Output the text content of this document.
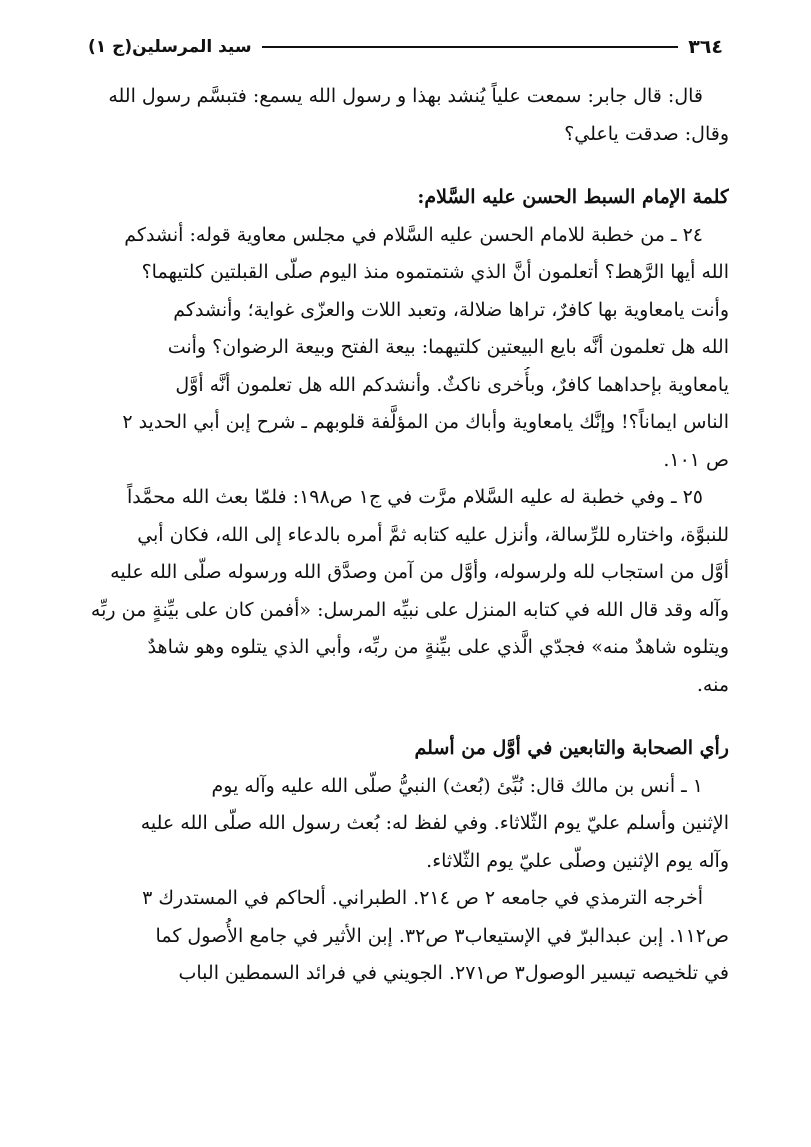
٣٦٤
سيد المرسلين(ج ١)
قال: قال جابر: سمعت علياً يُنشد بهذا و رسول الله يسمع: فتبسَّم رسول الله
وقال: صدقت ياعلي؟
كلمة الإمام السبط الحسن عليه السَّلام:
٢٤ ـ من خطبة للامام الحسن عليه السَّلام في مجلس معاوية قوله: أنشدكم
الله أيها الرَّهط؟ أتعلمون أنَّ الذي شتمتموه منذ اليوم صلّى القبلتين كلتيهما؟
وأنت يامعاوية بها كافرٌ، تراها ضلالة، وتعبد اللات والعزّى غواية؛ وأنشدكم
الله هل تعلمون أنَّه بايع البيعتين كلتيهما: بيعة الفتح وبيعة الرضوان؟ وأنت
يامعاوية بإحداهما كافرٌ، وبأُخرى ناكثٌ. وأنشدكم الله هل تعلمون أنَّه أوَّل
الناس ايماناً؟! وإنَّك يامعاوية وأباك من المؤلَّفة قلوبهم ـ شرح إبن أبي الحديد ٢
ص ١٠١.
٢٥ ـ وفي خطبة له عليه السَّلام مرَّت في ج١ ص١٩٨: فلمّا بعث الله محمَّداً
للنبوَّة، واختاره للرِّسالة، وأنزل عليه كتابه ثمَّ أمره بالدعاء إلى الله، فكان أبي
أوَّل من استجاب لله ولرسوله، وأوَّل من آمن وصدَّق الله ورسوله صلّى الله عليه
وآله وقد قال الله في كتابه المنزل على نبيِّه المرسل: «أفمن كان على بيِّنةٍ من ربِّه
ويتلوه شاهدٌ منه» فجدّي الَّذي على بيِّنةٍ من ربِّه، وأبي الذي يتلوه وهو شاهدٌ
منه.
رأي الصحابة والتابعين في أوَّل من أسلم
١ ـ أنس بن مالك قال: نُبِّئ (بُعث) النبيُّ صلّى الله عليه وآله يوم
الإثنين وأسلم عليّ يوم الثّلاثاء. وفي لفظ له: بُعث رسول الله صلّى الله عليه
وآله يوم الإثنين وصلّى عليّ يوم الثّلاثاء.
أخرجه الترمذي في جامعه ٢ ص ٢١٤. الطبراني. ألحاكم في المستدرك ٣
ص١١٢. إبن عبدالبرّ في الإستيعاب٣ ص٣٢. إبن الأثير في جامع الأُصول كما
في تلخيصه تيسير الوصول٣ ص٢٧١. الجويني في فرائد السمطين الباب
